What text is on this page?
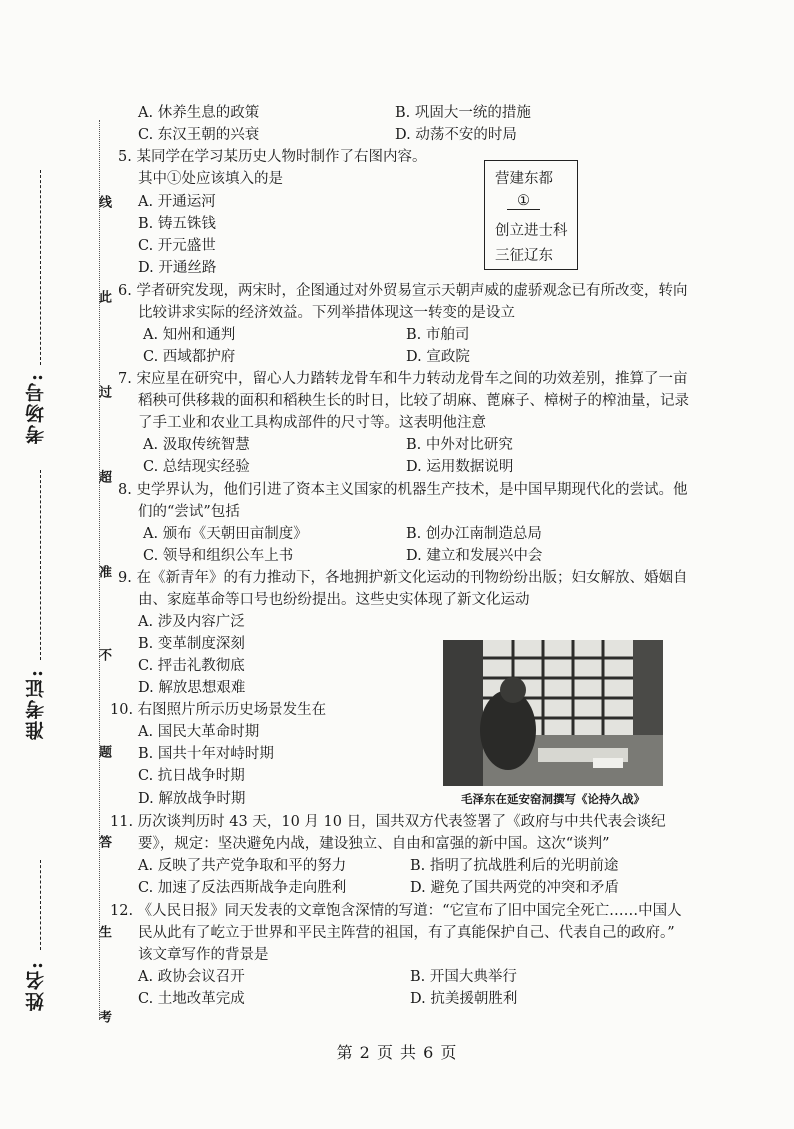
姓名:
准考证:
考场号:
线
此
过
超
准
不
题
答
生
考
A. 休养生息的政策	B. 巩固大一统的措施
C. 东汉王朝的兴衰	D. 动荡不安的时局
5. 某同学在学习某历史人物时制作了右图内容。
其中①处应该填入的是
A. 开通运河
B. 铸五铢钱
C. 开元盛世
D. 开通丝路
营建东都
①
创立进士科
三征辽东
6. 学者研究发现，两宋时，企图通过对外贸易宣示天朝声威的虚骄观念已有所改变，转向
比较讲求实际的经济效益。下列举措体现这一转变的是设立
A. 知州和通判	B. 市舶司
C. 西域都护府	D. 宣政院
7. 宋应星在研究中，留心人力踏转龙骨车和牛力转动龙骨车之间的功效差别，推算了一亩
稻秧可供移栽的面积和稻秧生长的时日，比较了胡麻、蓖麻子、樟树子的榨油量，记录
了手工业和农业工具构成部件的尺寸等。这表明他注意
A. 汲取传统智慧	B. 中外对比研究
C. 总结现实经验	D. 运用数据说明
8. 史学界认为，他们引进了资本主义国家的机器生产技术，是中国早期现代化的尝试。他
们的“尝试”包括
A. 颁布《天朝田亩制度》	B. 创办江南制造总局
C. 领导和组织公车上书	D. 建立和发展兴中会
9. 在《新青年》的有力推动下，各地拥护新文化运动的刊物纷纷出版；妇女解放、婚姻自
由、家庭革命等口号也纷纷提出。这些史实体现了新文化运动
A. 涉及内容广泛
B. 变革制度深刻
C. 抨击礼教彻底
D. 解放思想艰难
10. 右图照片所示历史场景发生在
A. 国民大革命时期
B. 国共十年对峙时期
C. 抗日战争时期
D. 解放战争时期	毛泽东在延安窑洞撰写《论持久战》
11. 历次谈判历时 43 天，10 月 10 日，国共双方代表签署了《政府与中共代表会谈纪
要》，规定：坚决避免内战，建设独立、自由和富强的新中国。这次“谈判”
A. 反映了共产党争取和平的努力	B. 指明了抗战胜利后的光明前途
C. 加速了反法西斯战争走向胜利	D. 避免了国共两党的冲突和矛盾
12. 《人民日报》同天发表的文章饱含深情的写道：“它宣布了旧中国完全死亡……中国人
民从此有了屹立于世界和平民主阵营的祖国，有了真能保护自己、代表自己的政府。”
该文章写作的背景是
A. 政协会议召开	B. 开国大典举行
C. 土地改革完成	D. 抗美援朝胜利
第 2 页 共 6 页
